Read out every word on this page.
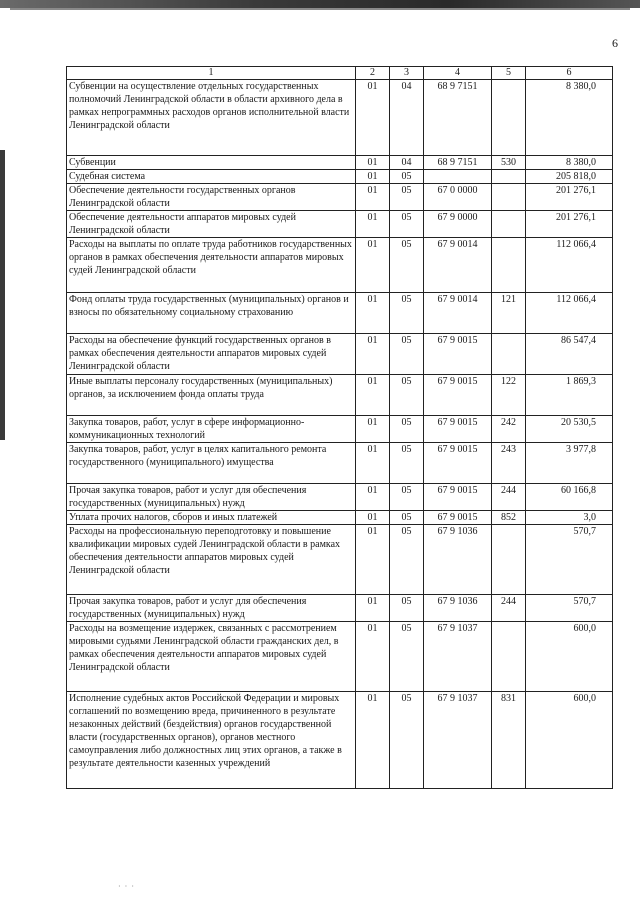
6
1	2	3	4	5	6
Субвенции на осуществление отдельных государственных полномочий Ленинградской области в области архивного дела в рамках непрограммных расходов органов исполнительной власти Ленинградской области	01	04	68 9 7151		8 380,0
Субвенции	01	04	68 9 7151	530	8 380,0
Судебная система	01	05			205 818,0
Обеспечение деятельности государственных органов Ленинградской области	01	05	67 0 0000		201 276,1
Обеспечение деятельности аппаратов мировых судей Ленинградской области	01	05	67 9 0000		201 276,1
Расходы на выплаты по оплате труда работников государственных органов в рамках обеспечения деятельности аппаратов мировых судей Ленинградской области	01	05	67 9 0014		112 066,4
Фонд оплаты труда государственных (муниципальных) органов и взносы по обязательному социальному страхованию	01	05	67 9 0014	121	112 066,4
Расходы на обеспечение функций государственных органов в рамках обеспечения деятельности аппаратов мировых судей Ленинградской области	01	05	67 9 0015		86 547,4
Иные выплаты персоналу государственных (муниципальных) органов, за исключением фонда оплаты труда	01	05	67 9 0015	122	1 869,3
Закупка товаров, работ, услуг в сфере информационно-коммуникационных технологий	01	05	67 9 0015	242	20 530,5
Закупка товаров, работ, услуг в целях капитального ремонта государственного (муниципального) имущества	01	05	67 9 0015	243	3 977,8
Прочая закупка товаров, работ и услуг для обеспечения государственных (муниципальных) нужд	01	05	67 9 0015	244	60 166,8
Уплата прочих налогов, сборов и иных платежей	01	05	67 9 0015	852	3,0
Расходы на профессиональную переподготовку и повышение квалификации мировых судей Ленинградской области в рамках обеспечения деятельности аппаратов мировых судей Ленинградской области	01	05	67 9 1036		570,7
Прочая закупка товаров, работ и услуг для обеспечения государственных (муниципальных) нужд	01	05	67 9 1036	244	570,7
Расходы на возмещение издержек, связанных с рассмотрением мировыми судьями Ленинградской области гражданских дел, в рамках обеспечения деятельности аппаратов мировых судей Ленинградской области	01	05	67 9 1037		600,0
Исполнение судебных актов Российской Федерации и мировых соглашений по возмещению вреда, причиненного в результате незаконных действий (бездействия) органов государственной власти (государственных органов), органов местного самоуправления либо должностных лиц этих органов, а также в результате деятельности казенных учреждений	01	05	67 9 1037	831	600,0
· · ·
